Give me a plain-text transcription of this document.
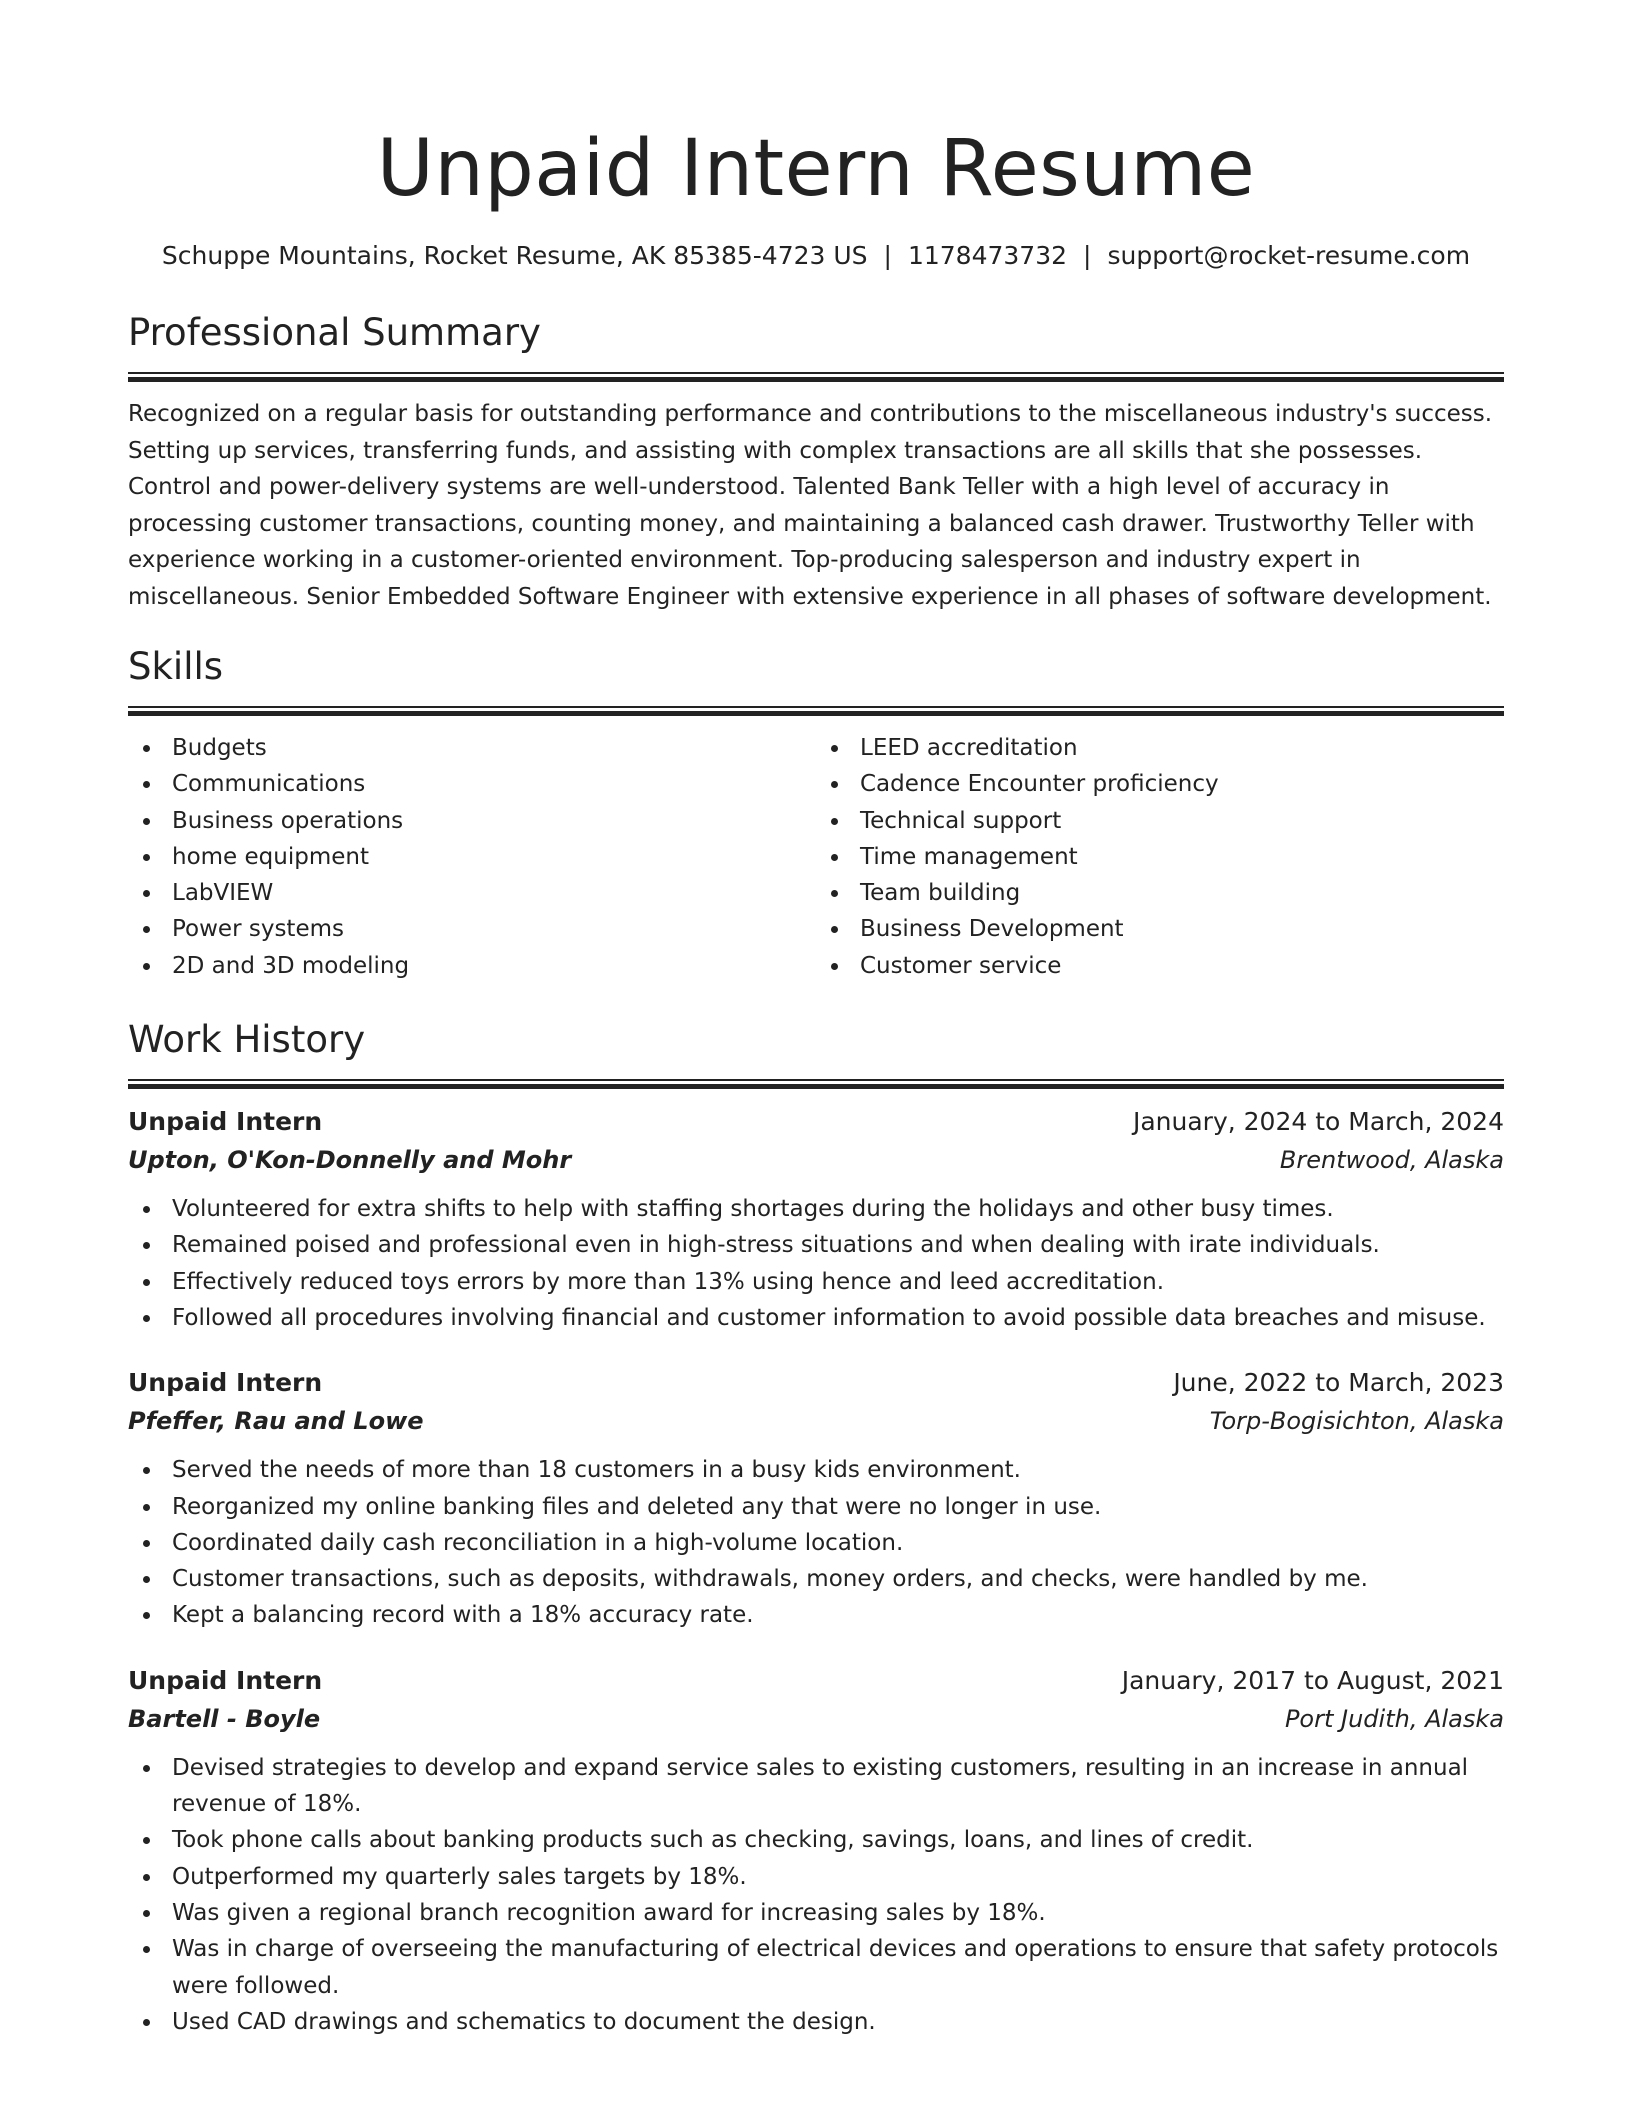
Unpaid Intern Resume
Schuppe Mountains, Rocket Resume, AK 85385-4723 US | 1178473732 | support@rocket-resume.com
Professional Summary

Recognized on a regular basis for outstanding performance and contributions to the miscellaneous industry's success. Setting up services, transferring funds, and assisting with complex transactions are all skills that she possesses. Control and power-delivery systems are well-understood. Talented Bank Teller with a high level of accuracy in processing customer transactions, counting money, and maintaining a balanced cash drawer. Trustworthy Teller with experience working in a customer-oriented environment. Top-producing salesperson and industry expert in miscellaneous. Senior Embedded Software Engineer with extensive experience in all phases of software development.

Skills
Budgets
Communications
Business operations
home equipment
LabVIEW
Power systems
2D and 3D modeling
LEED accreditation
Cadence Encounter proficiency
Technical support
Time management
Team building
Business Development
Customer service
Work History
Unpaid Intern	January, 2024 to March, 2024
Upton, O'Kon-Donnelly and Mohr	Brentwood, Alaska
Volunteered for extra shifts to help with staffing shortages during the holidays and other busy times.
Remained poised and professional even in high-stress situations and when dealing with irate individuals.
Effectively reduced toys errors by more than 13% using hence and leed accreditation.
Followed all procedures involving financial and customer information to avoid possible data breaches and misuse.
Unpaid Intern	June, 2022 to March, 2023
Pfeffer, Rau and Lowe	Torp-Bogisichton, Alaska
Served the needs of more than 18 customers in a busy kids environment.
Reorganized my online banking files and deleted any that were no longer in use.
Coordinated daily cash reconciliation in a high-volume location.
Customer transactions, such as deposits, withdrawals, money orders, and checks, were handled by me.
Kept a balancing record with a 18% accuracy rate.
Unpaid Intern	January, 2017 to August, 2021
Bartell - Boyle	Port Judith, Alaska
Devised strategies to develop and expand service sales to existing customers, resulting in an increase in annual revenue of 18%.
Took phone calls about banking products such as checking, savings, loans, and lines of credit.
Outperformed my quarterly sales targets by 18%.
Was given a regional branch recognition award for increasing sales by 18%.
Was in charge of overseeing the manufacturing of electrical devices and operations to ensure that safety protocols were followed.
Used CAD drawings and schematics to document the design.
